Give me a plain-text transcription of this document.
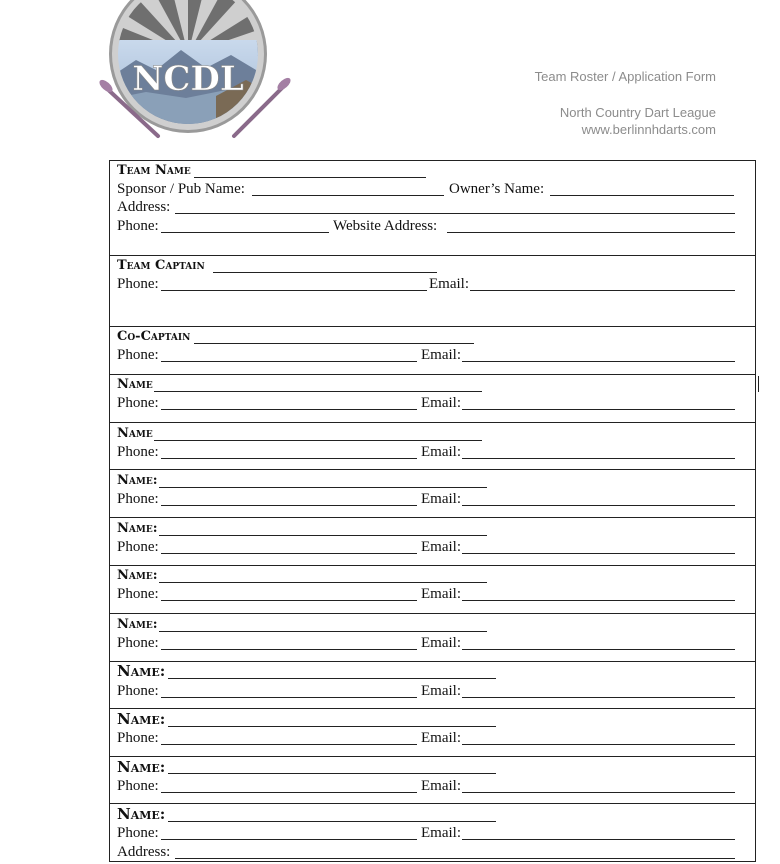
NCDL	Team Roster / Application Form
North Country Dart League
www.berlinnhdarts.com
Team Name
Sponsor / Pub Name:	Owner’s Name:
Address:
Phone:	Website Address:
Team Captain
Phone:	Email:
Co-Captain
Phone:	Email:
Name
Phone:	Email:
Name
Phone:	Email:
Name:
Phone:	Email:
Name:
Phone:	Email:
Name:
Phone:	Email:
Name:
Phone:	Email:
Name:
Phone:	Email:
Name:
Phone:	Email:
Name:
Phone:	Email:
Name:
Phone:	Email:
Address:
